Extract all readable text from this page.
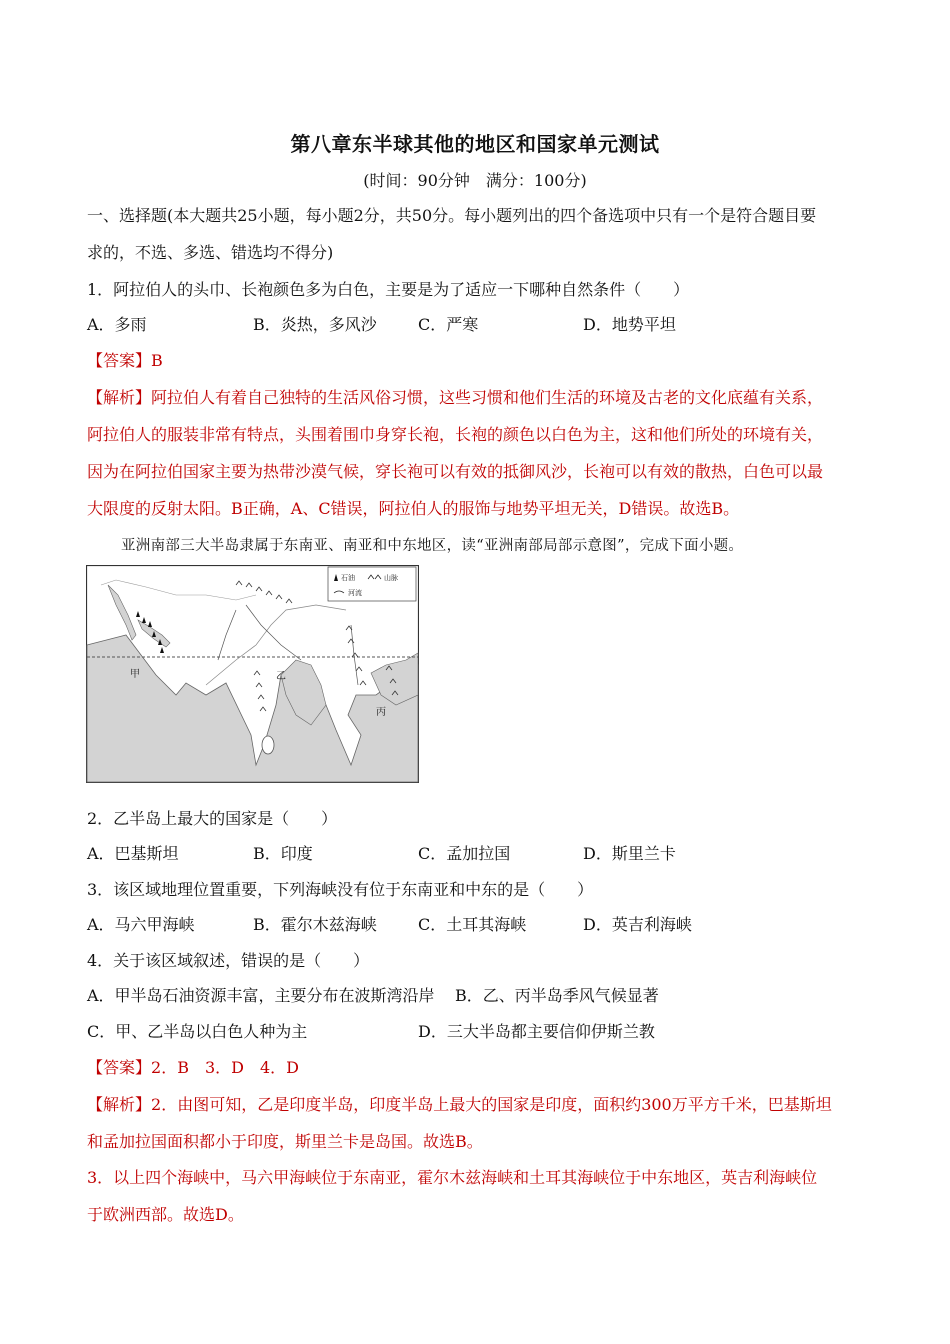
第八章东半球其他的地区和国家单元测试
(时间：90分钟　满分：100分)
一、选择题(本大题共25小题，每小题2分，共50分。每小题列出的四个备选项中只有一个是符合题目要
求的，不选、多选、错选均不得分)
1．阿拉伯人的头巾、长袍颜色多为白色，主要是为了适应一下哪种自然条件（　　）
A．多雨	B．炎热，多风沙	C．严寒	D．地势平坦
【答案】B
【解析】阿拉伯人有着自己独特的生活风俗习惯，这些习惯和他们生活的环境及古老的文化底蕴有关系，
阿拉伯人的服装非常有特点，头围着围巾身穿长袍，长袍的颜色以白色为主，这和他们所处的环境有关，
因为在阿拉伯国家主要为热带沙漠气候，穿长袍可以有效的抵御风沙，长袍可以有效的散热，白色可以最
大限度的反射太阳。B正确，A、C错误，阿拉伯人的服饰与地势平坦无关，D错误。故选B。
亚洲南部三大半岛隶属于东南亚、南亚和中东地区，读“亚洲南部局部示意图”，完成下面小题。
石油	山脉
河流
甲	乙
丙
2．乙半岛上最大的国家是（　　）
A．巴基斯坦	B．印度	C．孟加拉国	D．斯里兰卡
3．该区域地理位置重要，下列海峡没有位于东南亚和中东的是（　　）
A．马六甲海峡	B．霍尔木兹海峡	C．土耳其海峡	D．英吉利海峡
4．关于该区域叙述，错误的是（　　）
A．甲半岛石油资源丰富，主要分布在波斯湾沿岸 B．乙、丙半岛季风气候显著
C．甲、乙半岛以白色人种为主	D．三大半岛都主要信仰伊斯兰教
【答案】2．B　3．D　4．D
【解析】2．由图可知，乙是印度半岛，印度半岛上最大的国家是印度，面积约300万平方千米，巴基斯坦
和孟加拉国面积都小于印度，斯里兰卡是岛国。故选B。
3．以上四个海峡中，马六甲海峡位于东南亚，霍尔木兹海峡和土耳其海峡位于中东地区，英吉利海峡位
于欧洲西部。故选D。
